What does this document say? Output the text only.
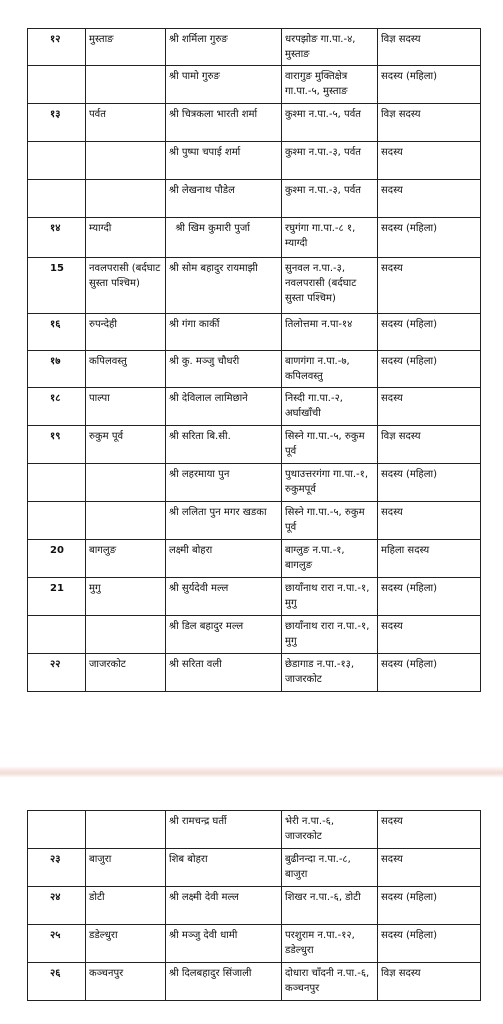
१२	मुस्ताङ	श्री शर्मिला गुरुङ	धरपझोङ गा.पा.-४, मुस्ताङ	विज्ञ सदस्य
		श्री पामो गुरुङ	वारागुङ मुक्तिक्षेत्र गा.पा.-५, मुस्ताङ	सदस्य (महिला)
१३	पर्वत	श्री चित्रकला भारती शर्मा	कुश्मा न.पा.-५, पर्वत	विज्ञ सदस्य
		श्री पुष्पा चपाई शर्मा	कुश्मा न.पा.-३, पर्वत	सदस्य
		श्री लेखनाथ पौडेल	कुश्मा न.पा.-३, पर्वत	सदस्य
१४	म्याग्दी	श्री खिम कुमारी पुर्जा	रघुगंगा गा.पा.-८ १, म्याग्दी	सदस्य (महिला)
15	नवलपरासी (बर्दघाट सुस्ता पश्चिम)	श्री सोम बहादुर रायमाझी	सुनवल न.पा.-३, नवलपरासी (बर्दघाट सुस्ता पश्चिम)	सदस्य
१६	रुपन्देही	श्री गंगा कार्की	तिलोत्तमा न.पा-१४	सदस्य (महिला)
१७	कपिलवस्तु	श्री कु. मञ्जु चौधरी	बाणगंगा न.पा.-७, कपिलवस्तु	सदस्य (महिला)
१८	पाल्पा	श्री देविलाल लामिछाने	निस्दी गा.पा.-२, अर्घाखाँची	सदस्य
१९	रुकुम पूर्व	श्री सरिता बि.सी.	सिस्ने गा.पा.-५, रुकुम पूर्व	विज्ञ सदस्य
		श्री लहरमाया पुन	पुथाउत्तरगंगा गा.पा.-१, रुकुमपूर्व	सदस्य (महिला)
		श्री ललिता पुन मगर खडका	सिस्ने गा.पा.-५, रुकुम पूर्व	सदस्य
20	बागलुङ	लक्ष्मी बोहरा	बाग्लुङ न.पा.-१, बागलुङ	महिला सदस्य
21	मुगु	श्री सुर्यदेवी मल्ल	छायाँनाथ रारा न.पा.-१, मुगु	सदस्य (महिला)
		श्री डिल बहादुर मल्ल	छायाँनाथ रारा न.पा.-१, मुगु	सदस्य
२२	जाजरकोट	श्री सरिता वली	छेडागाड न.पा.-१३, जाजरकोट	सदस्य (महिला)
		श्री रामचन्द्र घर्ती	भेरी न.पा.-६, जाजरकोट	सदस्य
२३	बाजुरा	शिब बोहरा	बुढीनन्दा न.पा.-८, बाजुरा	सदस्य
२४	डोटी	श्री लक्ष्मी देवी मल्ल	शिखर न.पा.-६, डोटी	सदस्य (महिला)
२५	डडेल्धुरा	श्री मञ्जु देवी धामी	परशुराम न.पा.-१२, डडेल्धुरा	सदस्य (महिला)
२६	कञ्चनपुर	श्री दिलबहादुर सिंजाली	दोधारा चाँदनी न.पा.-६, कञ्चनपुर	विज्ञ सदस्य
